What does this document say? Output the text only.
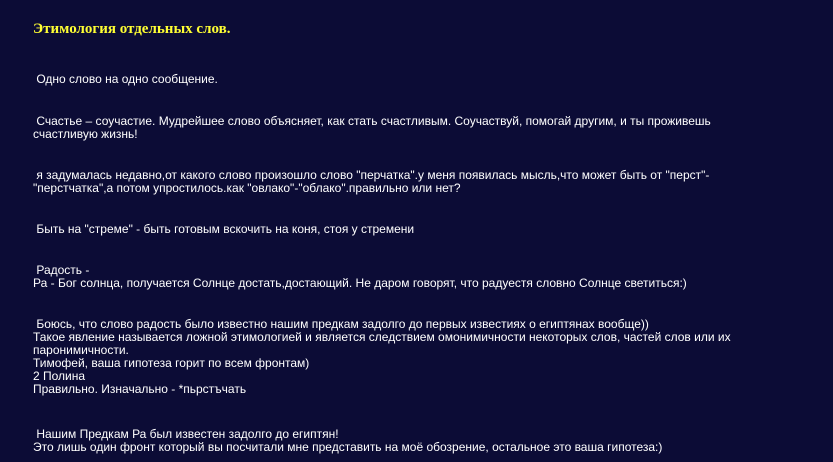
Этимология отдельных слов.
Одно слово на одно сообщение.
Счастье – соучастие. Мудрейшее слово объясняет, как стать счастливым. Соучаствуй, помогай другим, и ты проживешь
счастливую жизнь!
я задумалась недавно,от какого слово произошло слово "перчатка".у меня появилась мысль,что может быть от "перст"-
"перстчатка",а потом упростилось.как "овлако"-"облако".правильно или нет?
Быть на "стреме" - быть готовым вскочить на коня, стоя у стремени
Радость -
Ра - Бог солнца, получается Солнце достать,достающий. Не даром говорят, что радуестя словно Солнце светиться:)
Боюсь, что слово радость было известно нашим предкам задолго до первых известиях о египтянах вообще))
Такое явление называется ложной этимологией и является следствием омонимичности некоторых слов, частей слов или их
паронимичности.
Тимофей, ваша гипотеза горит по всем фронтам)
2 Полина
Правильно. Изначально - *пьрстъчать
Нашим Предкам Ра был известен задолго до египтян!
Это лишь один фронт который вы посчитали мне представить на моё обозрение, остальное это ваша гипотеза:)
